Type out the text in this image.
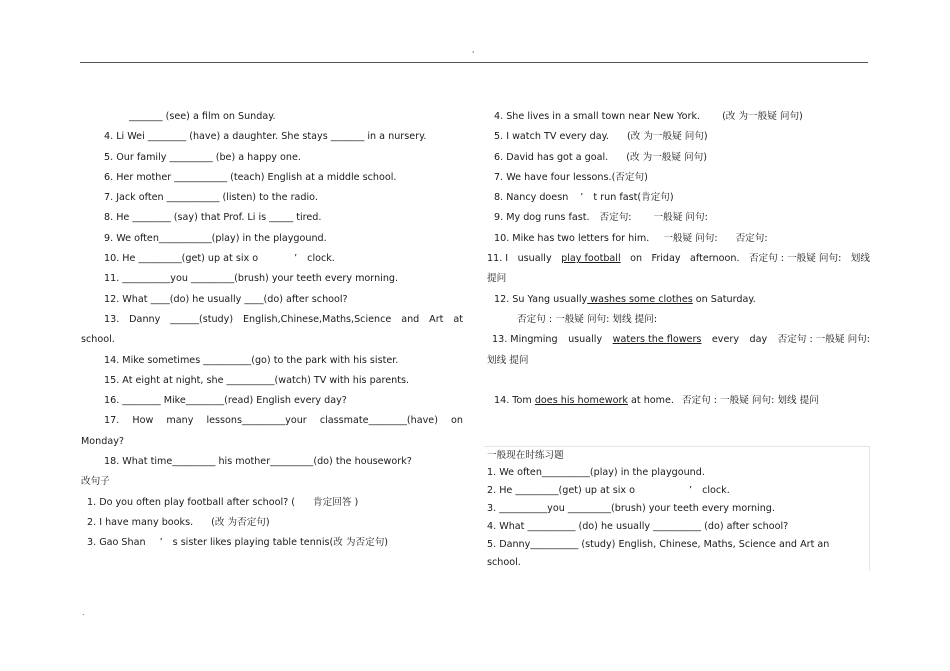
'
_______ (see) a film on Sunday.
4. Li Wei ________ (have) a daughter. She stays _______ in a nursery.
5. Our family _________ (be) a happy one.
6. Her mother ___________ (teach) English at a middle school.
7. Jack often ___________ (listen) to the radio.
8. He ________ (say) that Prof. Li is _____ tired.
9. We often___________(play) in the playgound.
10. He _________(get) up at six o	’ clock.
11. __________you _________(brush) your teeth every morning.
12. What ____(do) he usually ____(do) after school?
13. Danny ______(study) English,Chinese,Maths,Science and Art at
school.
14. Mike sometimes __________(go) to the park with his sister.
15. At eight at night, she __________(watch) TV with his parents.
16. ________ Mike________(read) English every day?
17. How many lessons_________your classmate________(have) on
Monday?
18. What time_________ his mother_________(do) the housework?
改句子
1. Do you often play football after school? ( 肯定回答 )
2. I have many books. (改 为否定句)
3. Gao Shan ’ s sister likes playing table tennis(改 为否定句)
4. She lives in a small town near New York. (改 为一般疑 问句)
5. I watch TV every day. (改 为一般疑 问句)
6. David has got a goal. (改 为一般疑 问句)
7. We have four lessons.(否定句)
8. Nancy doesn ’ t run fast(肯定句)
9. My dog runs fast. 否定句: 一般疑 问句:
10. Mike has two letters for him. 一般疑 问句: 否定句:
11. I usually play football on Friday afternoon. 否定句 : 一般疑 问句: 划线
提问
12. Su Yang usually washes some clothes on Saturday.
否定句 : 一般疑 问句: 划线 提问:
13. Mingming usually waters the flowers every day 否定句 : 一般疑 问句:
划线 提问
14. Tom does his homework at home. 否定句 : 一般疑 问句: 划线 提问
一般现在时练习题
1. We often__________(play) in the playgound.
2. He _________(get) up at six o	’ clock.
3. __________you _________(brush) your teeth every morning.
4. What __________ (do) he usually __________ (do) after school?
5. Danny__________ (study) English, Chinese, Maths, Science and Art an
school.
.
